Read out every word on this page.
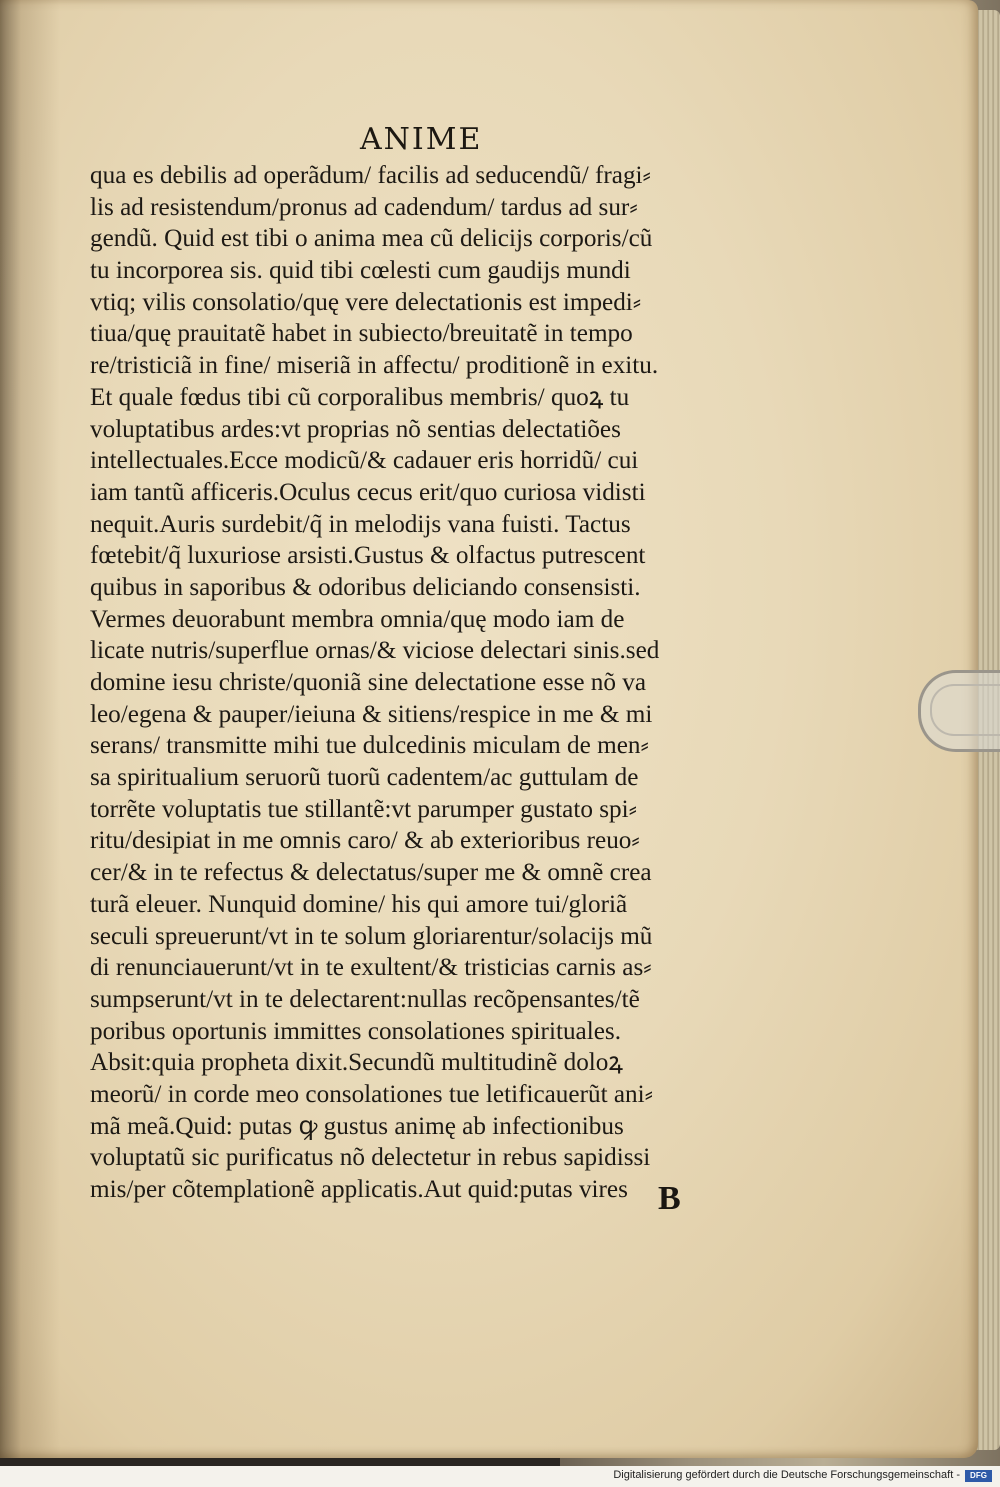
ANIME
qua es debilis ad operãdum/ facilis ad seducendũ/ fragi⸗
lis ad resistendum/pronus ad cadendum/ tardus ad sur⸗
gendũ. Quid est tibi o anima mea cũ delicijs corporis/cũ
tu incorporea sis. quid tibi cœlesti cum gaudijs mundi
vtiq; vilis consolatio/quę vere delectationis est impedi⸗
tiua/quę prauitatẽ habet in subiecto/breuitatẽ in tempo
re/tristiciã in fine/ miseriã in affectu/ proditionẽ in exitu.
Et quale fœdus tibi cũ corporalibus membris/ quoꝝ tu
voluptatibus ardes:vt proprias nõ sentias delectatiões
intellectuales.Ecce modicũ/& cadauer eris horridũ/ cui
iam tantũ afficeris.Oculus cecus erit/quo curiosa vidisti
nequit.Auris surdebit/q̃ in melodijs vana fuisti. Tactus
fœtebit/q̃ luxuriose arsisti.Gustus & olfactus putrescent
quibus in saporibus & odoribus deliciando consensisti.
Vermes deuorabunt membra omnia/quę modo iam de
licate nutris/superflue ornas/& viciose delectari sinis.sed
domine iesu christe/quoniã sine delectatione esse nõ va
leo/egena & pauper/ieiuna & sitiens/respice in me & mi
serans/ transmitte mihi tue dulcedinis miculam de men⸗
sa spiritualium seruorũ tuorũ cadentem/ac guttulam de
torrẽte voluptatis tue stillantẽ:vt parumper gustato spi⸗
ritu/desipiat in me omnis caro/ & ab exterioribus reuo⸗
cer/& in te refectus & delectatus/super me & omnẽ crea
turã eleuer. Nunquid domine/ his qui amore tui/gloriã
seculi spreuerunt/vt in te solum gloriarentur/solacijs mũ
di renunciauerunt/vt in te exultent/& tristicias carnis as⸗
sumpserunt/vt in te delectarent:nullas recõpensantes/tẽ
poribus oportunis immittes consolationes spirituales.
Absit:quia propheta dixit.Secundũ multitudinẽ doloꝝ
meorũ/ in corde meo consolationes tue letificauerũt ani⸗
mã meã.Quid: putas ꝙ gustus animę ab infectionibus
voluptatũ sic purificatus nõ delectetur in rebus sapidissi
mis/per cõtemplationẽ applicatis.Aut quid:putas vires B
Digitalisierung gefördert durch die Deutsche Forschungsgemeinschaft -	DFG
